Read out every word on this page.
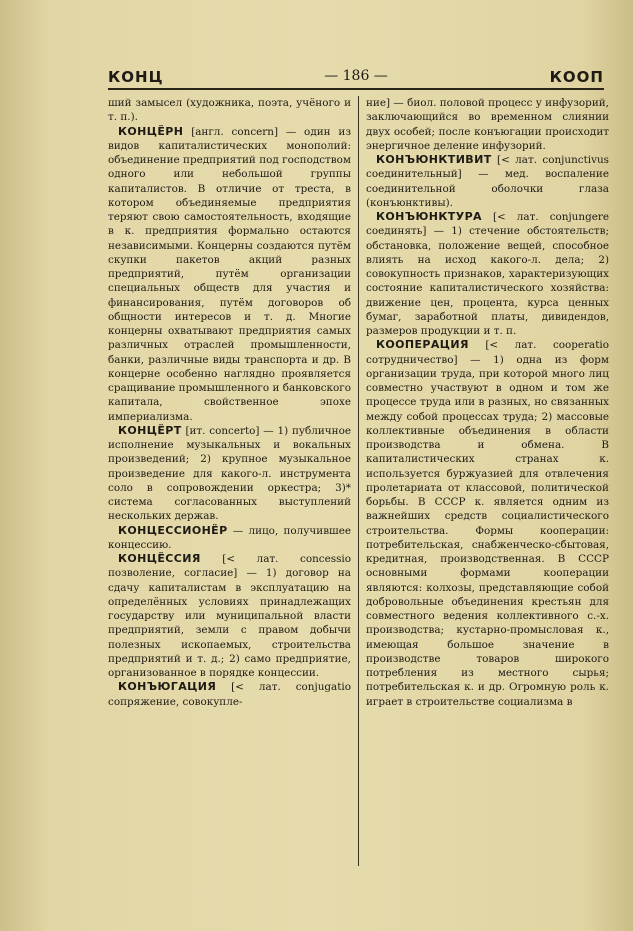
КОНЦ	— 186 —	КООП

ший замысел (художника, поэта, учёного и т. п.).

КОНЦЁРН [англ. concern] — один из видов капиталистических монополий: объединение предприятий под господством одного или небольшой группы капиталистов. В отличие от треста, в котором объединяемые предприятия теряют свою самостоятельность, входящие в к. предприятия формально остаются независимыми. Концерны создаются путём скупки пакетов акций разных предприятий, путём организации специальных обществ для участия и финансирования, путём договоров об общности интересов и т. д. Многие концерны охватывают предприятия самых различных отраслей промышленности, банки, различные виды транспорта и др. В концерне особенно наглядно проявляется сращивание промышленного и банковского капитала, свойственное эпохе империализма.

КОНЦЁРТ [ит. concerto] — 1) публичное исполнение музыкальных и вокальных произведений; 2) крупное музыкальное произведение для какого-л. инструмента соло в сопровождении оркестра; 3)* система согласованных выступлений нескольких держав.

КОНЦЕССИОНЁР — лицо, получившее концессию.

КОНЦЁССИЯ [< лат. concessio позволение, согласие] — 1) договор на сдачу капиталистам в эксплуатацию на определённых условиях принадлежащих государству или муниципальной власти предприятий, земли с правом добычи полезных ископаемых, строительства предприятий и т. д.; 2) само предприятие, организованное в порядке концессии.

КОНЪЮГАЦИЯ [< лат. conjugatio сопряжение, совокупле-

ние] — биол. половой процесс у инфузорий, заключающийся во временном слиянии двух особей; после конъюгации происходит энергичное деление инфузорий.

КОНЪЮНКТИВИТ [< лат. conjunctivus соединительный] — мед. воспаление соединительной оболочки глаза (конъюнктивы).

КОНЪЮНКТУРА [< лат. conjungere соединять] — 1) стечение обстоятельств; обстановка, положение вещей, способное влиять на исход какого-л. дела; 2) совокупность признаков, характеризующих состояние капиталистического хозяйства: движение цен, процента, курса ценных бумаг, заработной платы, дивидендов, размеров продукции и т. п.

КООПЕРАЦИЯ [< лат. cooperatio сотрудничество] — 1) одна из форм организации труда, при которой много лиц совместно участвуют в одном и том же процессе труда или в разных, но связанных между собой процессах труда; 2) массовые коллективные объединения в области производства и обмена. В капиталистических странах к. используется буржуазией для отвлечения пролетариата от классовой, политической борьбы. В СССР к. является одним из важнейших средств социалистического строительства. Формы кооперации: потребительская, снабженческо-сбытовая, кредитная, производственная. В СССР основными формами кооперации являются: колхозы, представляющие собой добровольные объединения крестьян для совместного ведения коллективного с.-х. производства; кустарно-промысловая к., имеющая большое значение в производстве товаров широкого потребления из местного сырья; потребительская к. и др. Огромную роль к. играет в строительстве социализма в
